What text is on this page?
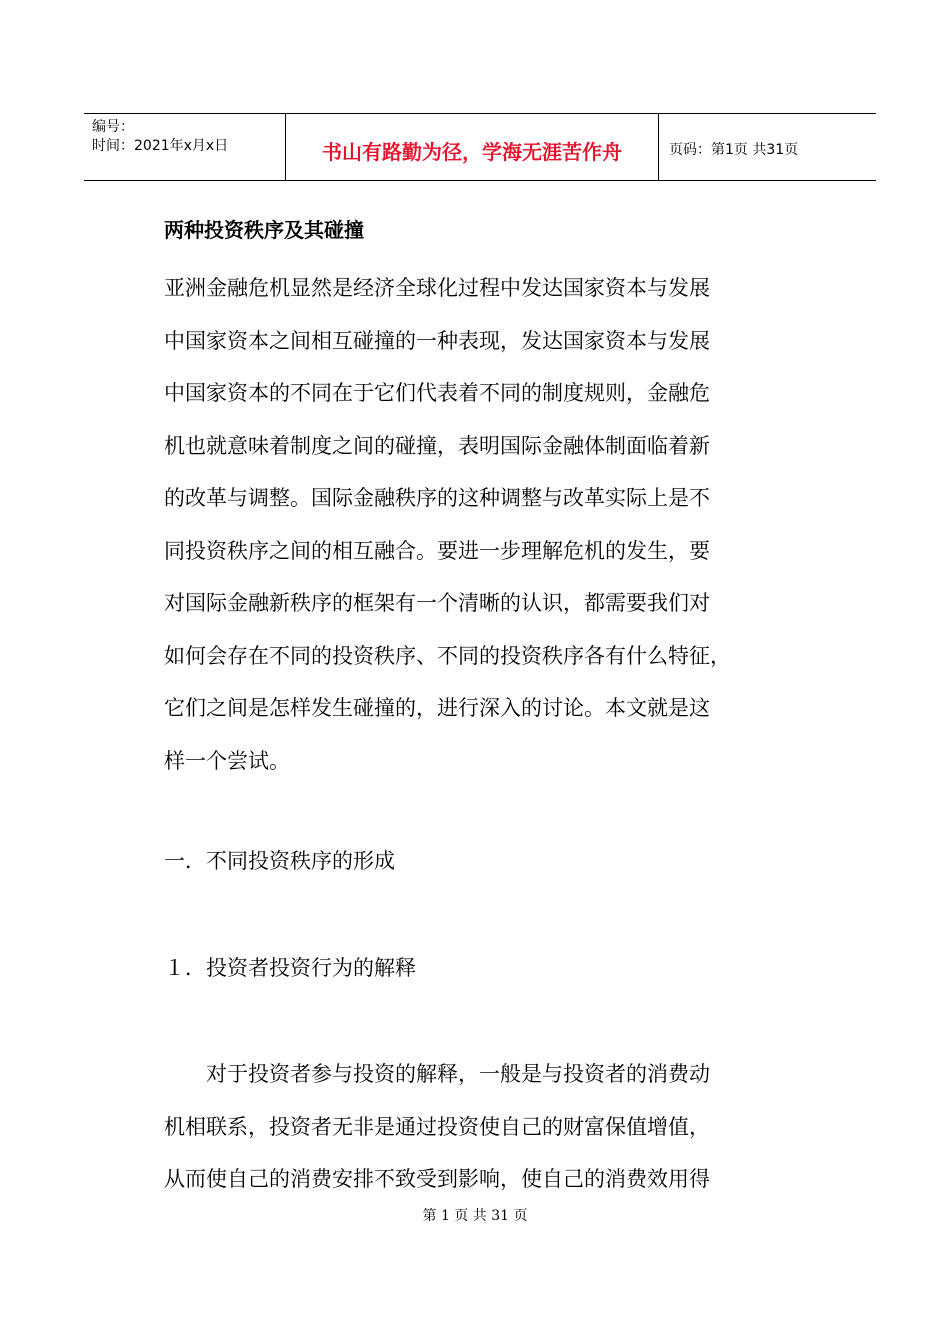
编号：
时间：2021年x月x日	书山有路勤为径，学海无涯苦作舟	页码：第1页 共31页
两种投资秩序及其碰撞
亚洲金融危机显然是经济全球化过程中发达国家资本与发展
中国家资本之间相互碰撞的一种表现，发达国家资本与发展
中国家资本的不同在于它们代表着不同的制度规则，金融危
机也就意味着制度之间的碰撞，表明国际金融体制面临着新
的改革与调整。国际金融秩序的这种调整与改革实际上是不
同投资秩序之间的相互融合。要进一步理解危机的发生，要
对国际金融新秩序的框架有一个清晰的认识，都需要我们对
如何会存在不同的投资秩序、不同的投资秩序各有什么特征，
它们之间是怎样发生碰撞的，进行深入的讨论。本文就是这
样一个尝试。
一．不同投资秩序的形成
１．投资者投资行为的解释
　　对于投资者参与投资的解释，一般是与投资者的消费动
机相联系，投资者无非是通过投资使自己的财富保值增值，
从而使自己的消费安排不致受到影响，使自己的消费效用得
第 1 页 共 31 页
